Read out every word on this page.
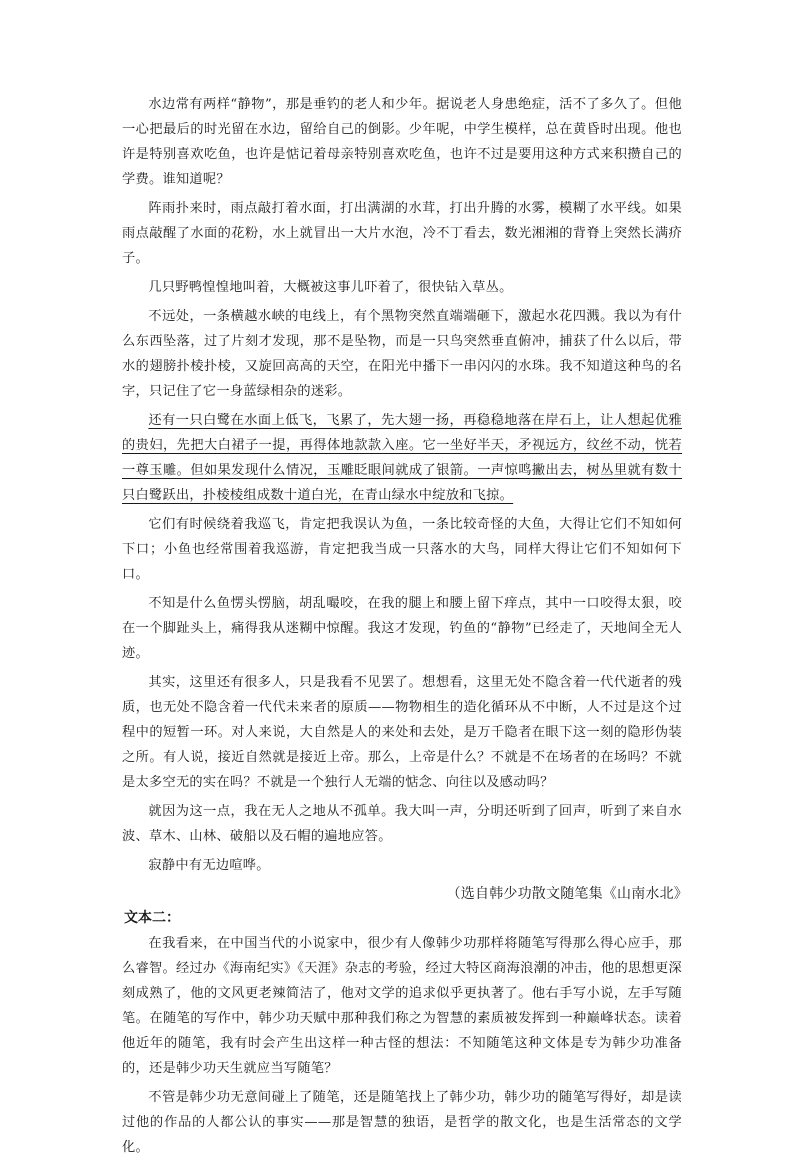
水边常有两样“静物”，那是垂钓的老人和少年。据说老人身患绝症，活不了多久了。但他一心把最后的时光留在水边，留给自己的倒影。少年呢，中学生模样，总在黄昏时出现。他也许是特别喜欢吃鱼，也许是惦记着母亲特别喜欢吃鱼，也许不过是要用这种方式来积攒自己的学费。谁知道呢？

阵雨扑来时，雨点敲打着水面，打出满湖的水茸，打出升腾的水雾，模糊了水平线。如果雨点敲醒了水面的花粉，水上就冒出一大片水泡，冷不丁看去，数光湘湘的背脊上突然长满疥子。

几只野鸭惶惶地叫着，大概被这事儿吓着了，很快钻入草丛。

不远处，一条横越水峡的电线上，有个黑物突然直端端砸下，激起水花四溅。我以为有什么东西坠落，过了片刻才发现，那不是坠物，而是一只鸟突然垂直俯冲，捕获了什么以后，带水的翅膀扑棱扑棱，又旋回高高的天空，在阳光中播下一串闪闪的水珠。我不知道这种鸟的名字，只记住了它一身蓝绿相杂的迷彩。

还有一只白鹭在水面上低飞，飞累了，先大翅一扬，再稳稳地落在岸石上，让人想起优雅的贵妇，先把大白裙子一提，再得体地款款入座。它一坐好半天，矛视远方，纹丝不动，恍若一尊玉雕。但如果发现什么情况，玉雕眨眼间就成了银箭。一声惊鸣撇出去，树丛里就有数十只白鹭跃出，扑棱棱组成数十道白光，在青山绿水中绽放和飞掠。

它们有时候绕着我巡飞，肯定把我误认为鱼，一条比较奇怪的大鱼，大得让它们不知如何下口；小鱼也经常围着我巡游，肯定把我当成一只落水的大鸟，同样大得让它们不知如何下口。

不知是什么鱼愣头愣脑，胡乱嘬咬，在我的腿上和腰上留下痒点，其中一口咬得太狠，咬在一个脚趾头上，痛得我从迷糊中惊醒。我这才发现，钓鱼的“静物”已经走了，天地间全无人迹。

其实，这里还有很多人，只是我看不见罢了。想想看，这里无处不隐含着一代代逝者的残质，也无处不隐含着一代代未来者的原质——物物相生的造化循环从不中断，人不过是这个过程中的短暂一环。对人来说，大自然是人的来处和去处，是万千隐者在眼下这一刻的隐形伪装之所。有人说，接近自然就是接近上帝。那么，上帝是什么？不就是不在场者的在场吗？不就是太多空无的实在吗？不就是一个独行人无端的惦念、向往以及感动吗？

就因为这一点，我在无人之地从不孤单。我大叫一声，分明还听到了回声，听到了来自水波、草木、山林、破船以及石帽的遍地应答。

寂静中有无边喧哗。

（选自韩少功散文随笔集《山南水北》
文本二：

在我看来，在中国当代的小说家中，很少有人像韩少功那样将随笔写得那么得心应手，那么睿智。经过办《海南纪实》《天涯》杂志的考验，经过大特区商海浪潮的冲击，他的思想更深刻成熟了，他的文风更老辣简洁了，他对文学的追求似乎更执著了。他右手写小说，左手写随笔。在随笔的写作中，韩少功天赋中那种我们称之为智慧的素质被发挥到一种巅峰状态。读着他近年的随笔，我有时会产生出这样一种古怪的想法：不知随笔这种文体是专为韩少功准备的，还是韩少功天生就应当写随笔？

不管是韩少功无意间碰上了随笔，还是随笔找上了韩少功，韩少功的随笔写得好，却是读过他的作品的人都公认的事实——那是智慧的独语，是哲学的散文化，也是生活常态的文学化。
